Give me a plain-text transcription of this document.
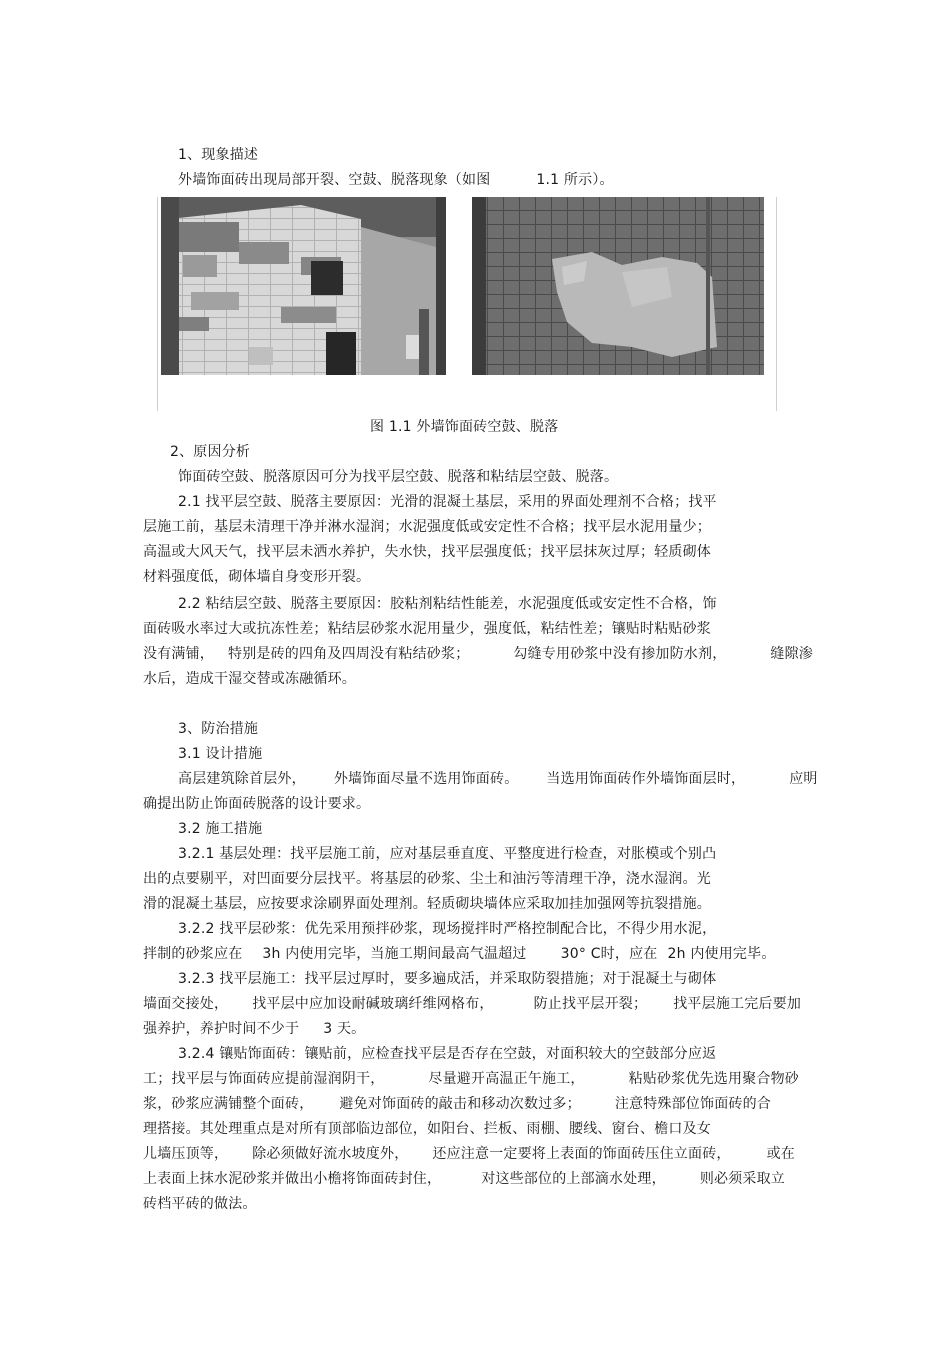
1、现象描述
外墙饰面砖出现局部开裂、空鼓、脱落现象（如图	1.1 所示）。
图 1.1 外墙饰面砖空鼓、脱落
2、原因分析
饰面砖空鼓、脱落原因可分为找平层空鼓、脱落和粘结层空鼓、脱落。
2.1 找平层空鼓、脱落主要原因：光滑的混凝土基层，采用的界面处理剂不合格；找平
层施工前，基层未清理干净并淋水湿润；水泥强度低或安定性不合格；找平层水泥用量少；
高温或大风天气，找平层未洒水养护，失水快，找平层强度低；找平层抹灰过厚；轻质砌体
材料强度低，砌体墙自身变形开裂。
2.2 粘结层空鼓、脱落主要原因：胶粘剂粘结性能差，水泥强度低或安定性不合格，饰
面砖吸水率过大或抗冻性差；粘结层砂浆水泥用量少，强度低，粘结性差；镶贴时粘贴砂浆
没有满铺， 特别是砖的四角及四周没有粘结砂浆；	勾缝专用砂浆中没有掺加防水剂，	缝隙渗
水后，造成干湿交替或冻融循环。
3、防治措施
3.1 设计措施
高层建筑除首层外， 外墙饰面尽量不选用饰面砖。 当选用饰面砖作外墙饰面层时，	应明
确提出防止饰面砖脱落的设计要求。
3.2 施工措施
3.2.1 基层处理：找平层施工前，应对基层垂直度、平整度进行检查，对胀模或个别凸
出的点要剔平，对凹面要分层找平。将基层的砂浆、尘土和油污等清理干净，浇水湿润。光
滑的混凝土基层，应按要求涂刷界面处理剂。轻质砌块墙体应采取加挂加强网等抗裂措施。
3.2.2 找平层砂浆：优先采用预拌砂浆，现场搅拌时严格控制配合比，不得少用水泥，
拌制的砂浆应在 3h 内使用完毕，当施工期间最高气温超过 30° C时，应在 2h 内使用完毕。
3.2.3 找平层施工：找平层过厚时，要多遍成活，并采取防裂措施；对于混凝土与砌体
墙面交接处， 找平层中应加设耐碱玻璃纤维网格布，	防止找平层开裂； 找平层施工完后要加
强养护，养护时间不少于 3 天。
3.2.4 镶贴饰面砖：镶贴前，应检查找平层是否存在空鼓，对面积较大的空鼓部分应返
工；找平层与饰面砖应提前湿润阴干，	尽量避开高温正午施工，	粘贴砂浆优先选用聚合物砂
浆，砂浆应满铺整个面砖， 避免对饰面砖的敲击和移动次数过多； 注意特殊部位饰面砖的合
理搭接。其处理重点是对所有顶部临边部位，如阳台、拦板、雨棚、腰线、窗台、檐口及女
儿墙压顶等， 除必须做好流水坡度外， 还应注意一定要将上表面的饰面砖压住立面砖，	或在
上表面上抹水泥砂浆并做出小檐将饰面砖封住，	对这些部位的上部滴水处理， 则必须采取立
砖档平砖的做法。
